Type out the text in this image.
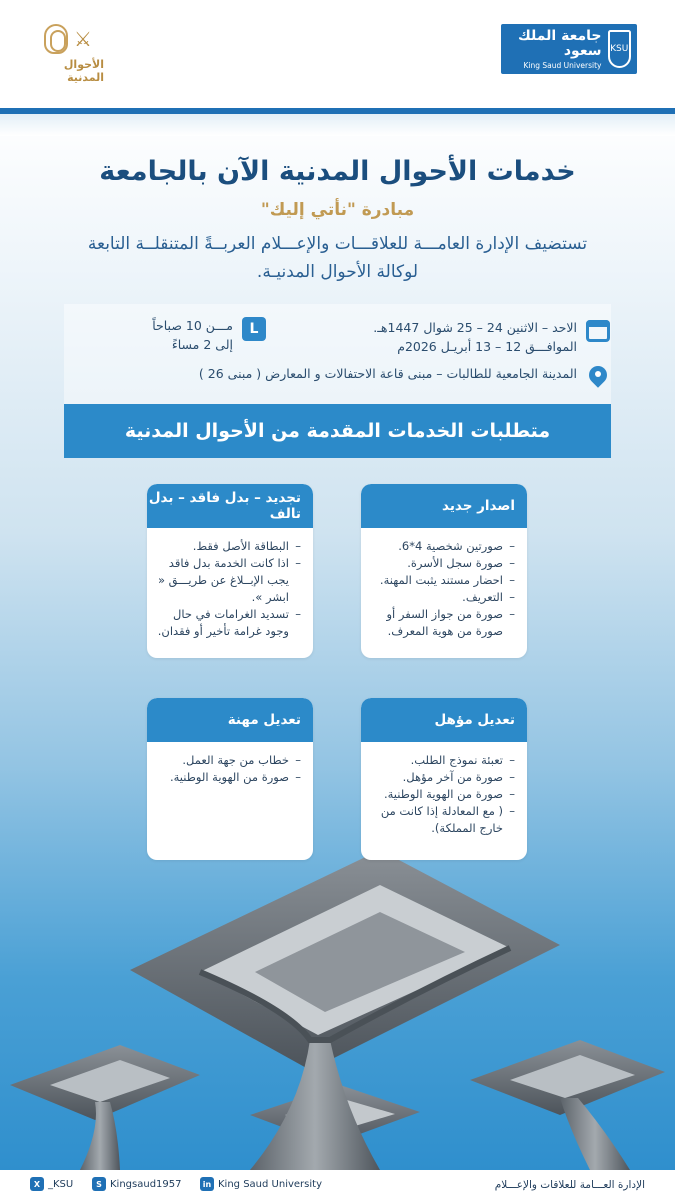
KSU
جامعة الملك سعود
King Saud University
⚔
الأحوال المدنية
خدمات الأحوال المدنية الآن بالجامعة
مبادرة "نأتي إليك"
تستضيف الإدارة العامـــة للعلاقـــات والإعـــلام العربــةً المتنقلــة التابعة لوكالة الأحوال المدنيـة.
الاحد – الاثنين 24 – 25 شوال 1447هـ.
الموافـــق 12 – 13 أبريـل 2026م
L
مـــن 10 صباحاً
إلى 2 مساءً
المدينة الجامعية للطالبات – مبنى قاعة الاحتفالات و المعارض ( مبنى 26 )
متطلبات الخدمات المقدمة من الأحوال المدنية
اصدار جديد
– صورتين شخصية 4*6.
– صورة سجل الأسرة.
– احضار مستند يثبت المهنة.
– التعريف.
– صورة من جواز السفر أو صورة من هوية المعرف.
تجديد – بدل فاقد – بدل تالف
– البطاقة الأصل فقط.
– اذا كانت الخدمة بدل فاقد يجب الإبــلاغ عن طريـــق « ابشر ».
– تسديد الغرامات في حال وجود غرامة تأخير أو فقدان.
تعديل مؤهل
– تعبئة نموذج الطلب.
– صورة من آخر مؤهل.
– صورة من الهوية الوطنية.
– ( مع المعادلة إذا كانت من خارج المملكة).
تعديل مهنة
– خطاب من جهة العمل.
– صورة من الهوية الوطنية.
الإدارة العـــامة للعلاقات والإعـــلام
in King Saud University
S Kingsaud1957
X _KSU
